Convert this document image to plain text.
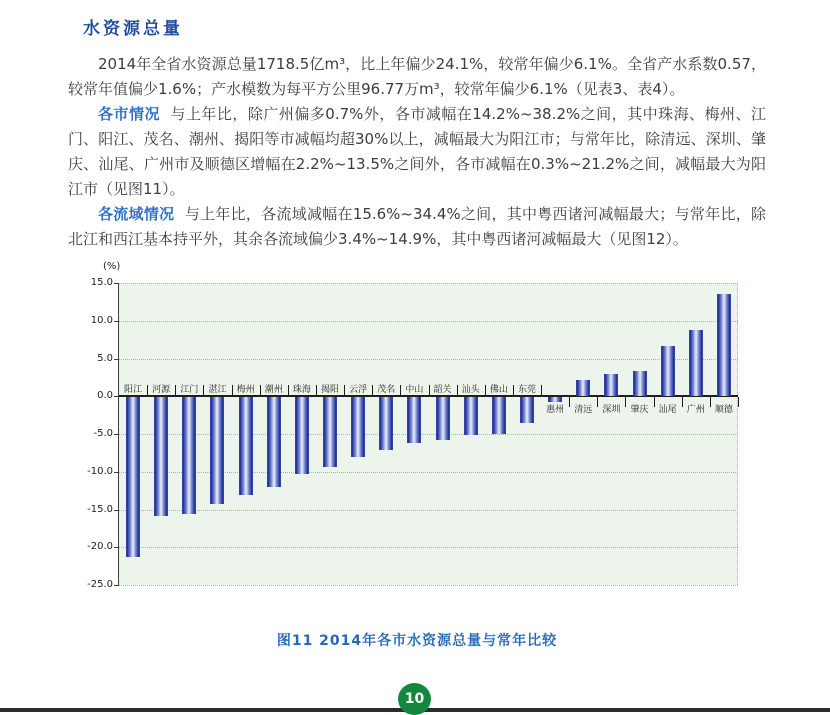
水资源总量

2014年全省水资源总量1718.5亿m³，比上年偏少24.1%，较常年偏少6.1%。全省产水系数0.57，较常年值偏少1.6%；产水模数为每平方公里96.77万m³，较常年偏少6.1%（见表3、表4）。

各市情况 与上年比，除广州偏多0.7%外，各市减幅在14.2%~38.2%之间，其中珠海、梅州、江门、阳江、茂名、潮州、揭阳等市减幅均超30%以上，减幅最大为阳江市；与常年比，除清远、深圳、肇庆、汕尾、广州市及顺德区增幅在2.2%~13.5%之间外，各市减幅在0.3%~21.2%之间，减幅最大为阳江市（见图11）。

各流域情况 与上年比，各流域减幅在15.6%~34.4%之间，其中粤西诸河减幅最大；与常年比，除北江和西江基本持平外，其余各流域偏少3.4%~14.9%，其中粤西诸河减幅最大（见图12）。

(%)
15.0
10.0
5.0
0.0
-5.0
-10.0
-15.0
-20.0
-25.0
阳江	河源	江门	湛江	梅州	潮州	珠海	揭阳	云浮	茂名	中山	韶关	汕头	佛山	东莞
惠州	清远	深圳	肇庆	汕尾	广州	顺德
图11 2014年各市水资源总量与常年比较
10
